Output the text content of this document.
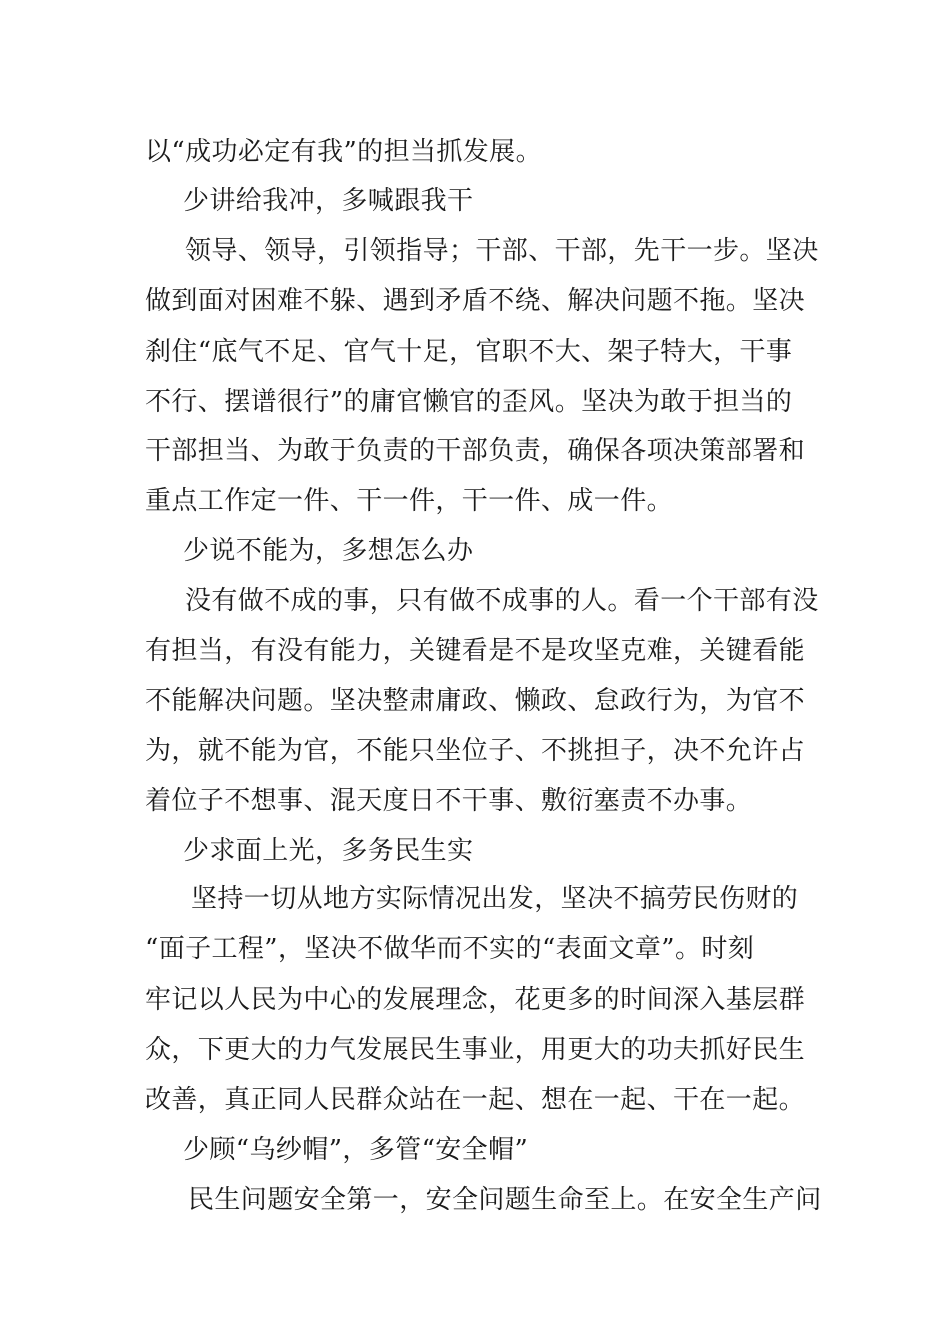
以“成功必定有我”的担当抓发展。
少讲给我冲，多喊跟我干
领导、领导，引领指导；干部、干部，先干一步。坚决
做到面对困难不躲、遇到矛盾不绕、解决问题不拖。坚决
刹住“底气不足、官气十足，官职不大、架子特大，干事
不行、摆谱很行”的庸官懒官的歪风。坚决为敢于担当的
干部担当、为敢于负责的干部负责，确保各项决策部署和
重点工作定一件、干一件，干一件、成一件。
少说不能为，多想怎么办
没有做不成的事，只有做不成事的人。看一个干部有没
有担当，有没有能力，关键看是不是攻坚克难，关键看能
不能解决问题。坚决整肃庸政、懒政、怠政行为，为官不
为，就不能为官，不能只坐位子、不挑担子，决不允许占
着位子不想事、混天度日不干事、敷衍塞责不办事。
少求面上光，多务民生实
坚持一切从地方实际情况出发，坚决不搞劳民伤财的
“面子工程”，坚决不做华而不实的“表面文章”。时刻
牢记以人民为中心的发展理念，花更多的时间深入基层群
众，下更大的力气发展民生事业，用更大的功夫抓好民生
改善，真正同人民群众站在一起、想在一起、干在一起。
少顾“乌纱帽”，多管“安全帽”
民生问题安全第一，安全问题生命至上。在安全生产问
